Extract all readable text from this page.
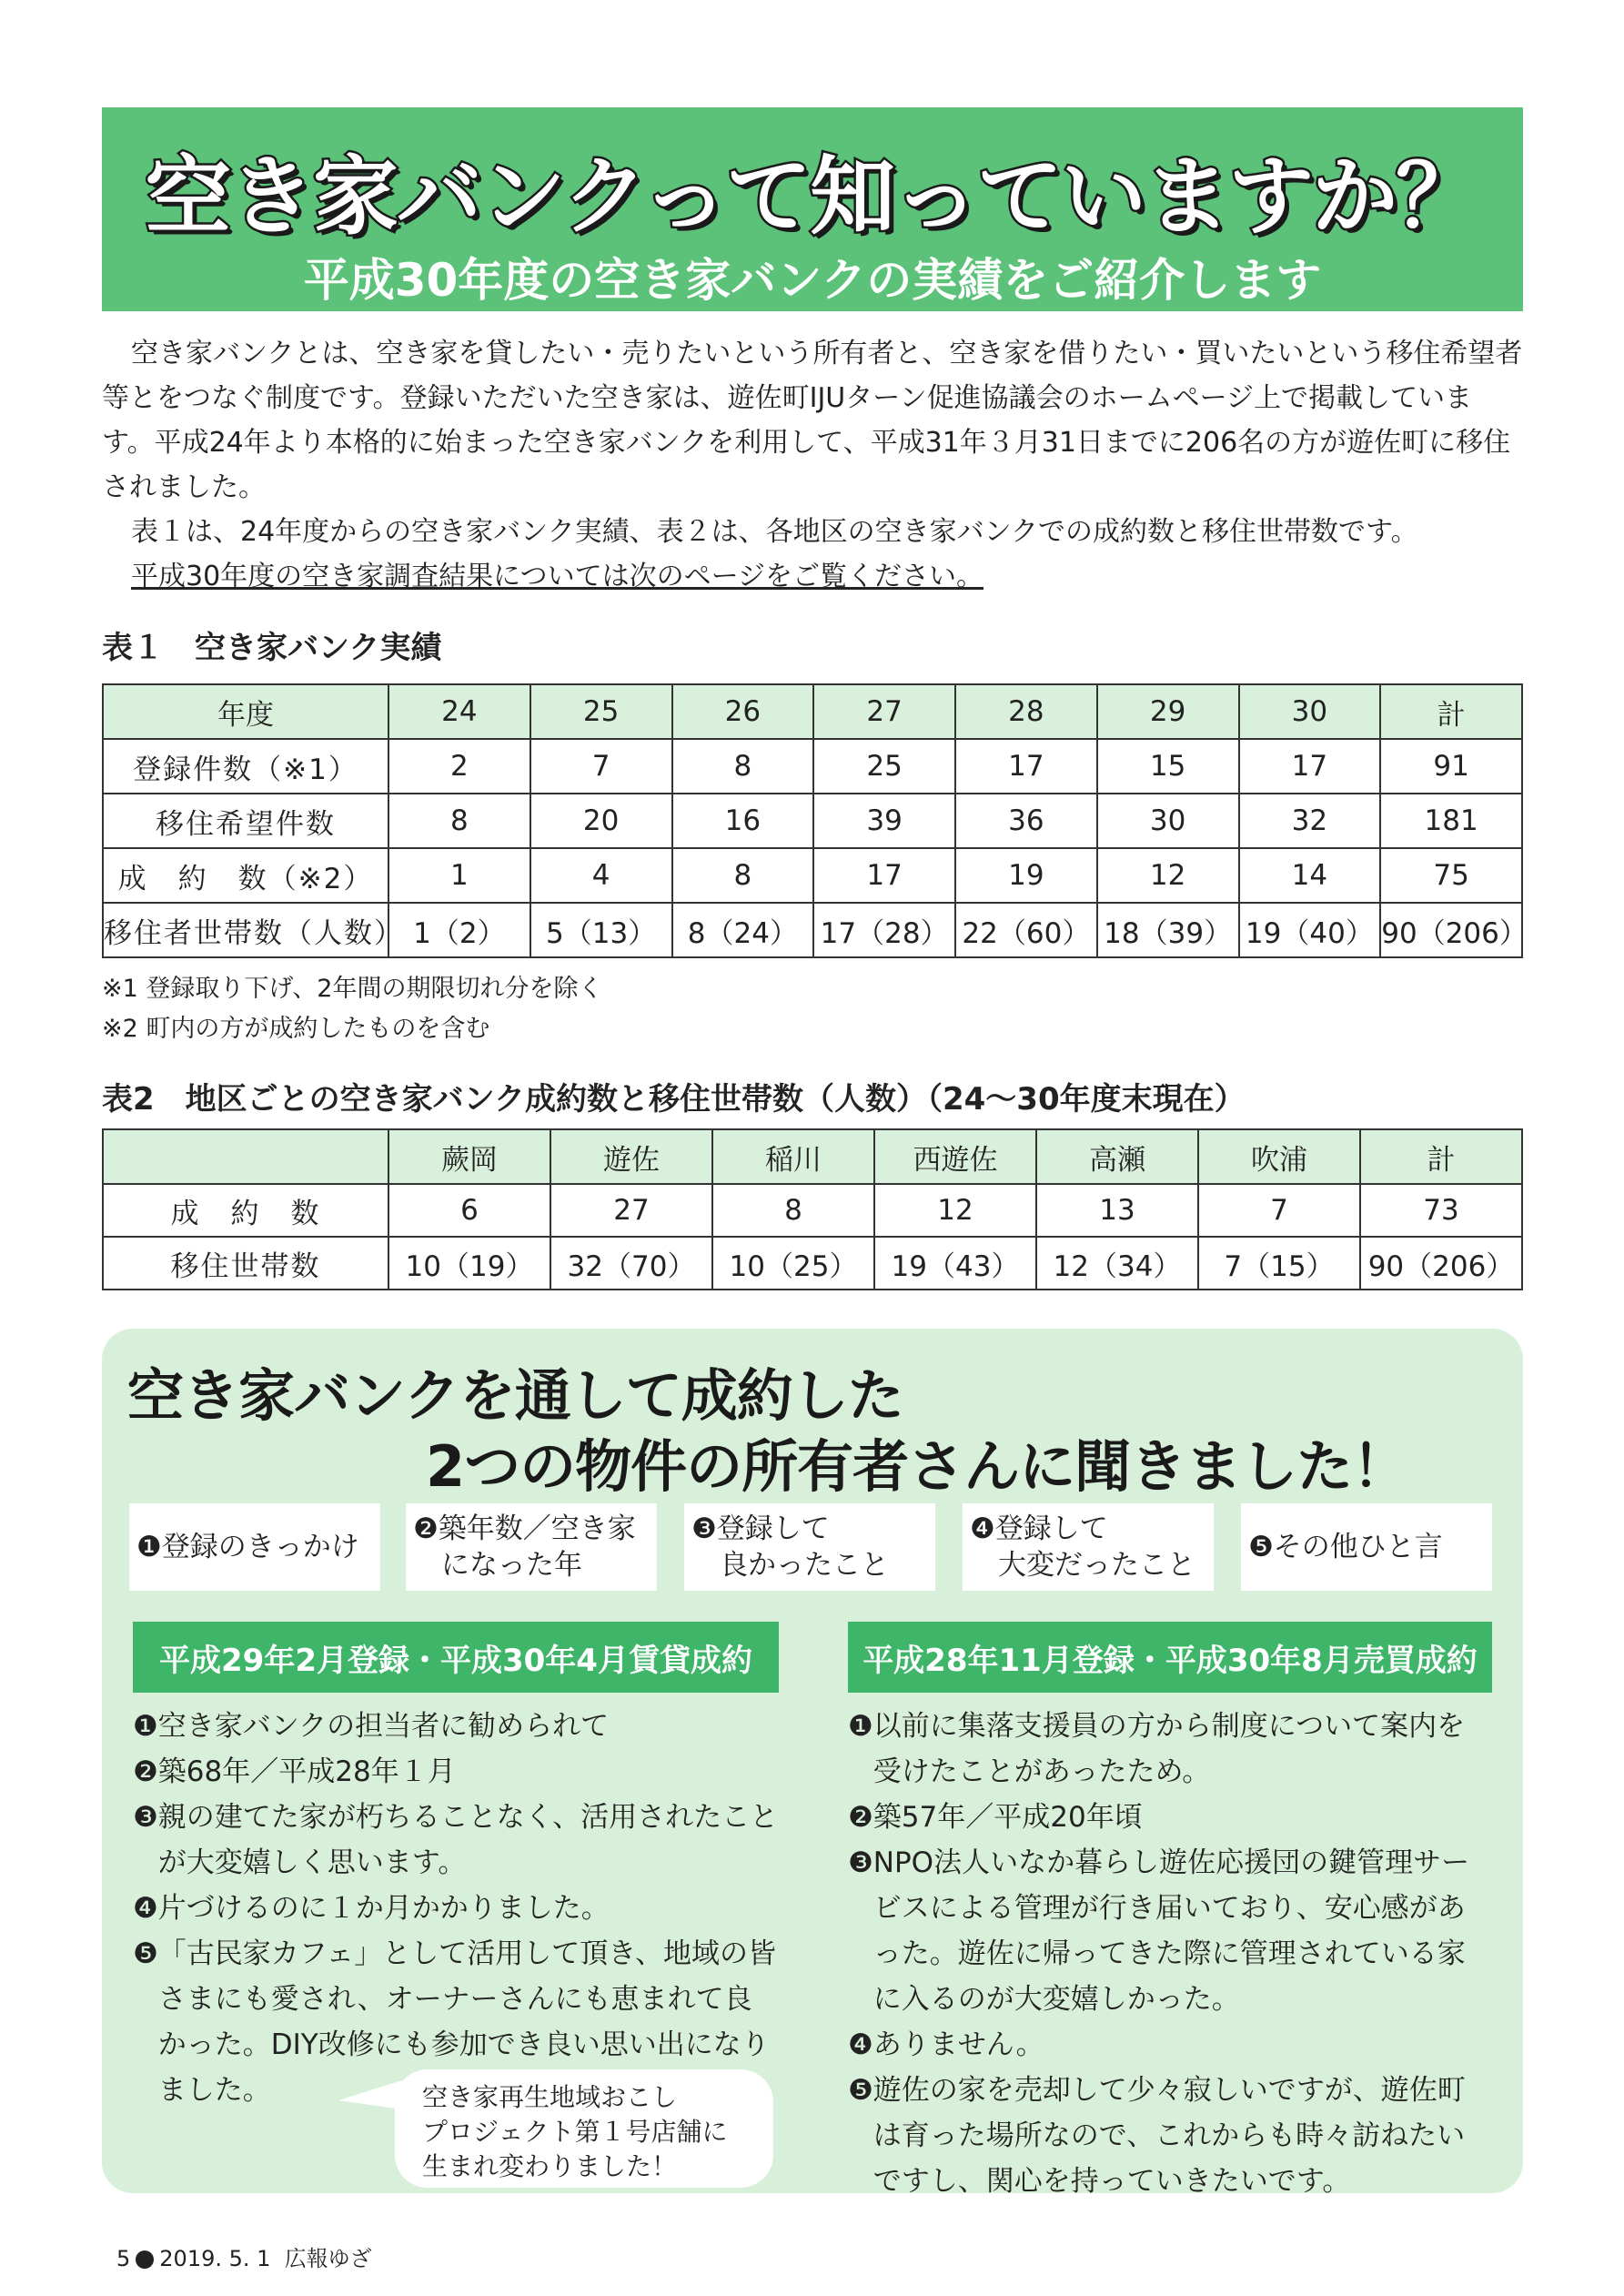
空き家バンクって知っていますか？
平成30年度の空き家バンクの実績をご紹介します

空き家バンクとは、空き家を貸したい・売りたいという所有者と、空き家を借りたい・買いたいという移住希望者等とをつなぐ制度です。登録いただいた空き家は、遊佐町IJUターン促進協議会のホームページ上で掲載しています。平成24年より本格的に始まった空き家バンクを利用して、平成31年３月31日までに206名の方が遊佐町に移住されました。

表１は、24年度からの空き家バンク実績、表２は、各地区の空き家バンクでの成約数と移住世帯数です。

平成30年度の空き家調査結果については次のページをご覧ください。

表１　空き家バンク実績
年度	24	25	26	27	28	29	30	計
登録件数（※1）	2	7	8	25	17	15	17	91
移住希望件数	8	20	16	39	36	30	32	181
成　約　数（※2）	1	4	8	17	19	12	14	75
移住者世帯数（人数）	1（2）	5（13）	8（24）	17（28）	22（60）	18（39）	19（40）	90（206）
※1 登録取り下げ、2年間の期限切れ分を除く
※2 町内の方が成約したものを含む
表2　地区ごとの空き家バンク成約数と移住世帯数（人数）（24〜30年度末現在）
	蕨岡	遊佐	稲川	西遊佐	高瀬	吹浦	計
成　約　数	6	27	8	12	13	7	73
移住世帯数	10（19）	32（70）	10（25）	19（43）	12（34）	7（15）	90（206）
空き家バンクを通して成約した
2つの物件の所有者さんに聞きました！
❶登録のきっかけ
❷築年数／空き家
　になった年
❸登録して
　良かったこと
❹登録して
　大変だったこと
❺その他ひと言
平成29年2月登録・平成30年4月賃貸成約
❶ 空き家バンクの担当者に勧められて
❷ 築68年／平成28年１月
❸ 親の建てた家が朽ちることなく、活用されたことが大変嬉しく思います。
❹ 片づけるのに１か月かかりました。
❺ 「古民家カフェ」として活用して頂き、地域の皆さまにも愛され、オーナーさんにも恵まれて良かった。DIY改修にも参加でき良い思い出になりました。
平成28年11月登録・平成30年8月売買成約
❶ 以前に集落支援員の方から制度について案内を受けたことがあったため。
❷ 築57年／平成20年頃
❸ NPO法人いなか暮らし遊佐応援団の鍵管理サービスによる管理が行き届いており、安心感があった。遊佐に帰ってきた際に管理されている家に入るのが大変嬉しかった。
❹ ありません。
❺ 遊佐の家を売却して少々寂しいですが、遊佐町は育った場所なので、これからも時々訪ねたいですし、関心を持っていきたいです。
空き家再生地域おこし
プロジェクト第１号店舗に
生まれ変わりました！
5 2019. 5. 1 広報ゆざ
